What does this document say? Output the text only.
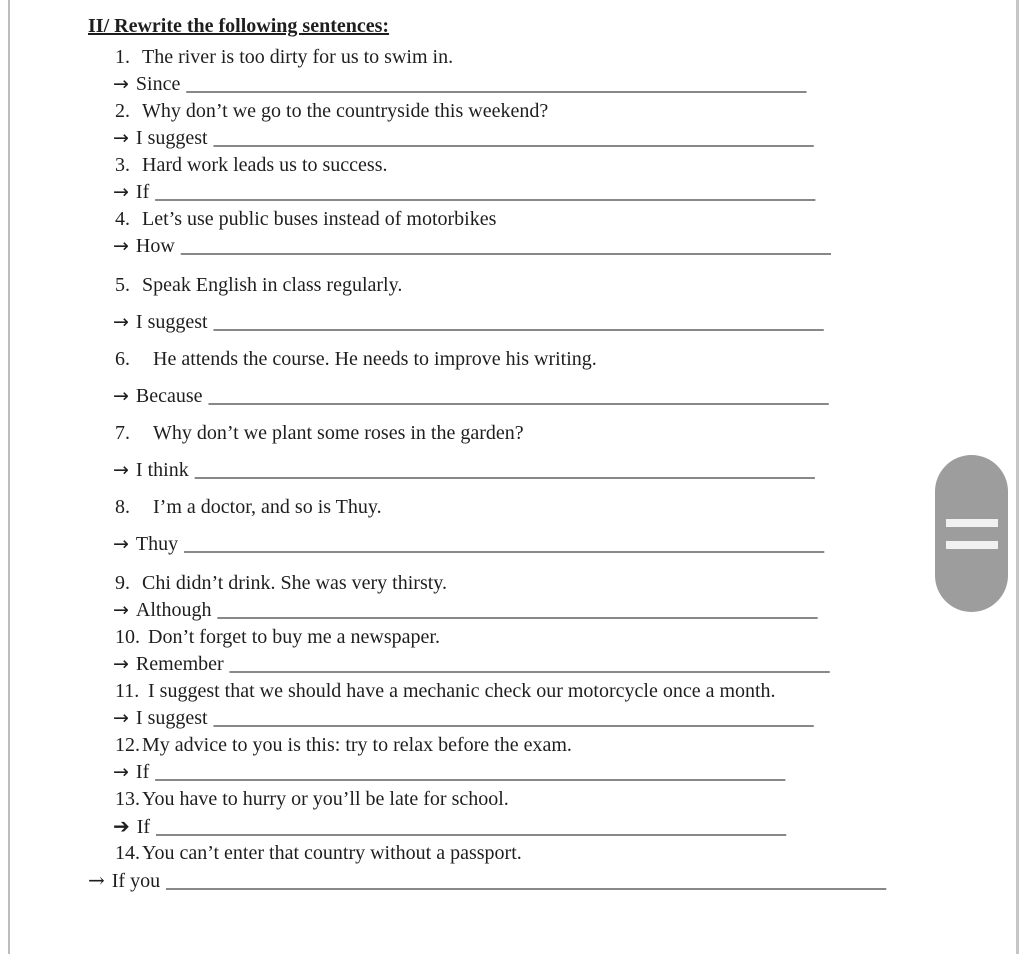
II/ Rewrite the following sentences:
1. The river is too dirty for us to swim in.
→ Since ______________________________________________________________
2. Why don’t we go to the countryside this weekend?
→ I suggest ____________________________________________________________
3. Hard work leads us to success.
→ If __________________________________________________________________
4. Let’s use public buses instead of motorbikes
→ How _________________________________________________________________
5. Speak English in class regularly.
→ I suggest _____________________________________________________________
6. He attends the course. He needs to improve his writing.
→ Because ______________________________________________________________
7. Why don’t we plant some roses in the garden?
→ I think ______________________________________________________________
8. I’m a doctor, and so is Thuy.
→ Thuy ________________________________________________________________
9. Chi didn’t drink. She was very thirsty.
→ Although ____________________________________________________________
10. Don’t forget to buy me a newspaper.
→ Remember ____________________________________________________________
11. I suggest that we should have a mechanic check our motorcycle once a month.
→ I suggest ____________________________________________________________
12. My advice to you is this: try to relax before the exam.
→ If _______________________________________________________________
13. You have to hurry or you’ll be late for school.
➔ If _______________________________________________________________
14. You can’t enter that country without a passport.
→ If you ________________________________________________________________________
